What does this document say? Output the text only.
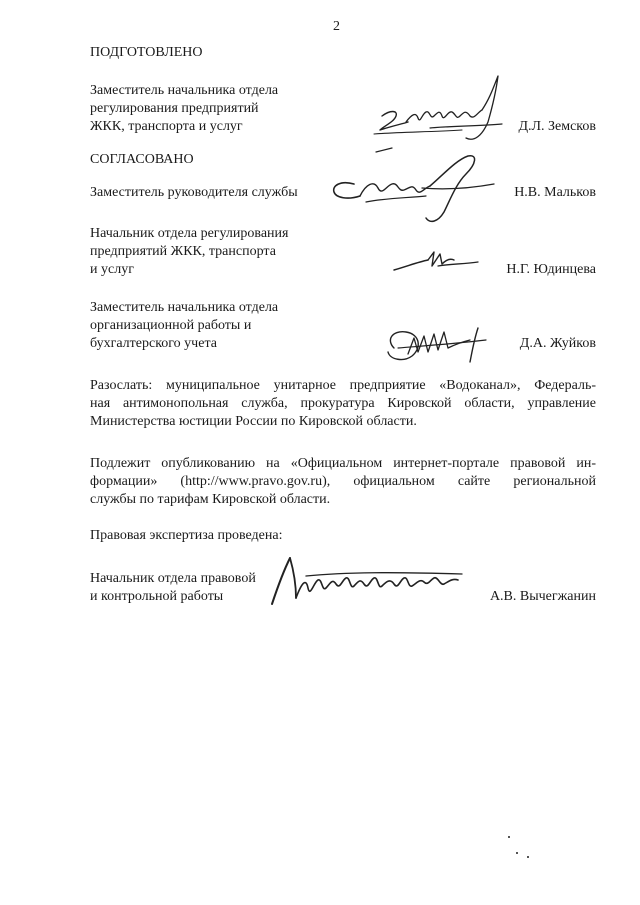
2
ПОДГОТОВЛЕНО
Заместитель начальника отдела
регулирования предприятий
ЖКК, транспорта и услуг	Д.Л. Земсков
СОГЛАСОВАНО
Заместитель руководителя службы	Н.В. Мальков
Начальник отдела регулирования
предприятий ЖКК, транспорта
и услуг	Н.Г. Юдинцева
Заместитель начальника отдела
организационной работы и
бухгалтерского учета	Д.А. Жуйков
Разослать: муниципальное унитарное предприятие «Водоканал», Федераль-
ная антимонопольная служба, прокуратура Кировской области, управление
Министерства юстиции России по Кировской области.
Подлежит опубликованию на «Официальном интернет-портале правовой ин-
формации» (http://www.pravo.gov.ru), официальном сайте региональной
службы по тарифам Кировской области.
Правовая экспертиза проведена:
Начальник отдела правовой
и контрольной работы	А.В. Вычегжанин
